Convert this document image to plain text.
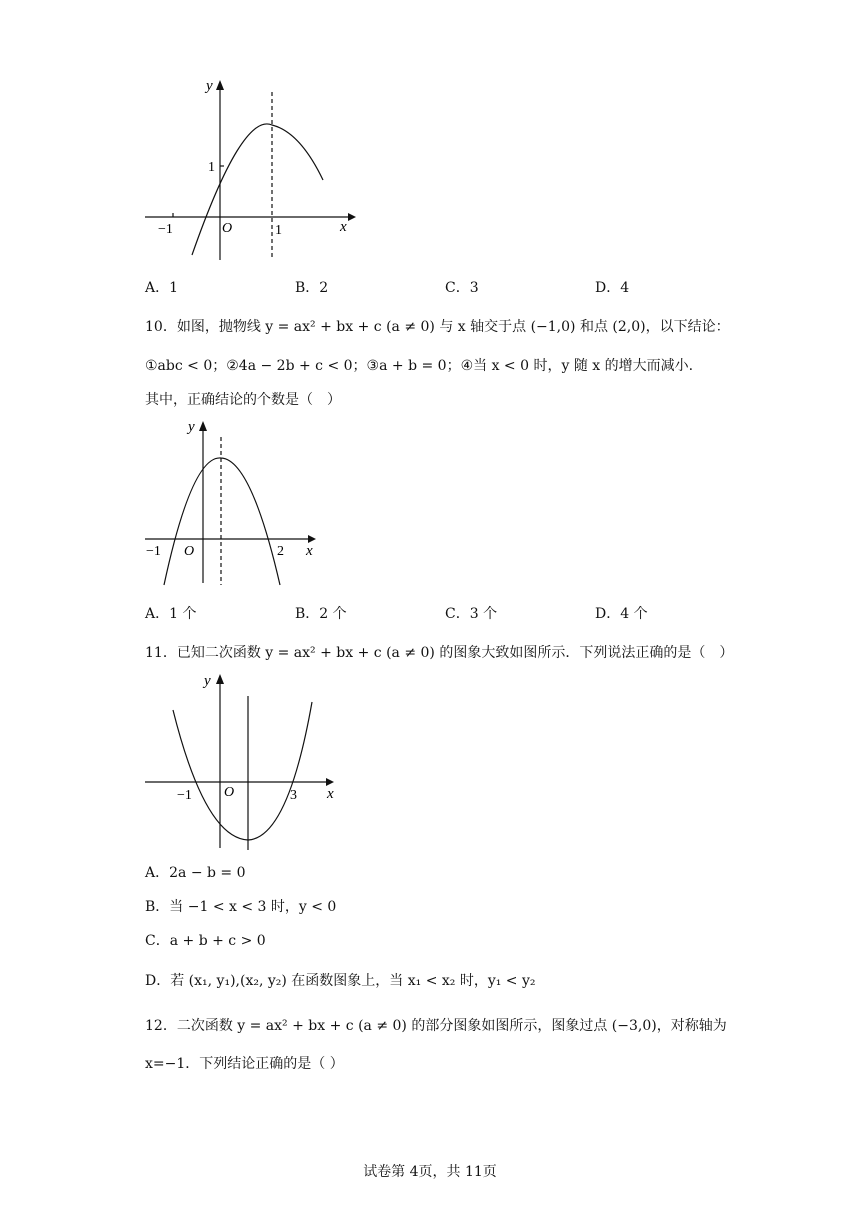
y
x
O
−1	1
1
A．1	B．2	C．3	D．4
10．如图，抛物线 y = ax² + bx + c (a ≠ 0) 与 x 轴交于点 (−1,0) 和点 (2,0)，以下结论：
①abc < 0；②4a − 2b + c < 0；③a + b = 0；④当 x < 0 时，y 随 x 的增大而减小.
其中，正确结论的个数是（　）
y
x
O
−1	2
A．1 个	B．2 个	C．3 个	D．4 个
11．已知二次函数 y = ax² + bx + c (a ≠ 0) 的图象大致如图所示．下列说法正确的是（　）
y
x
O
−1	3
A．2a − b = 0
B．当 −1 < x < 3 时，y < 0
C．a + b + c > 0
D．若 (x₁, y₁),(x₂, y₂) 在函数图象上，当 x₁ < x₂ 时，y₁ < y₂
12．二次函数 y = ax² + bx + c (a ≠ 0) 的部分图象如图所示，图象过点 (−3,0)，对称轴为
x=−1．下列结论正确的是（ ）
试卷第 4页，共 11页
